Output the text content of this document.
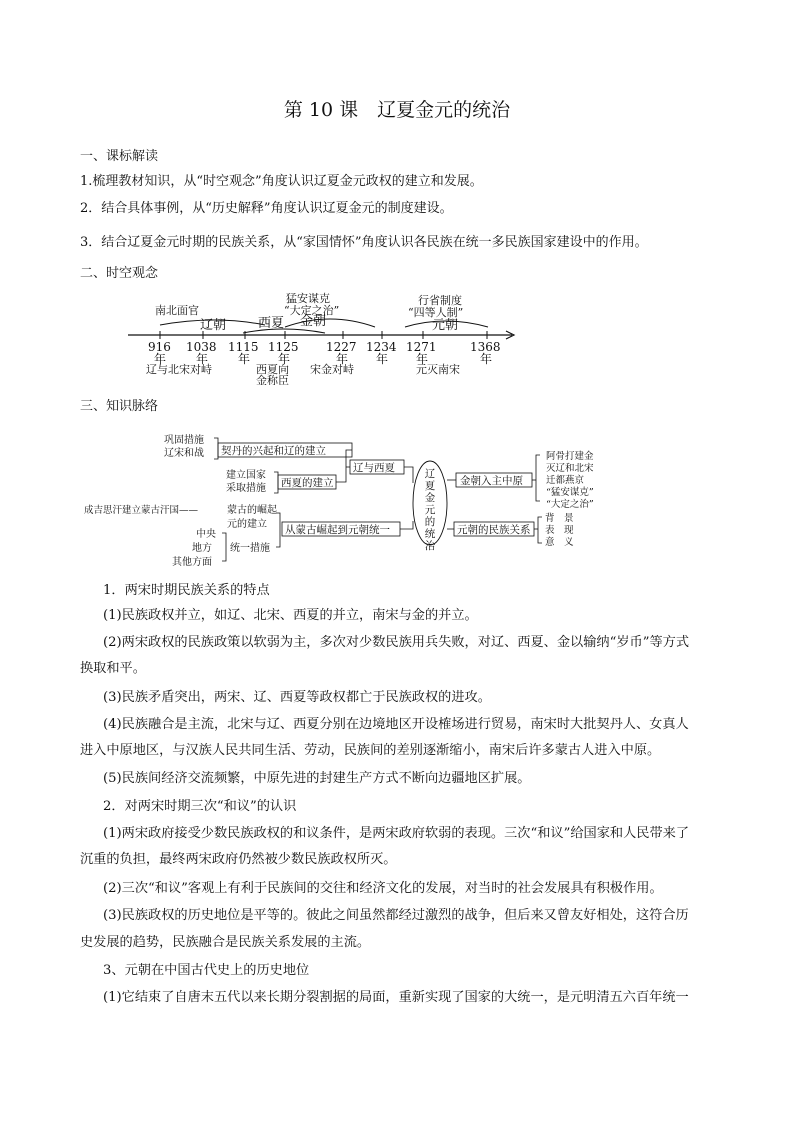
第 10 课　辽夏金元的统治
一、课标解读
1.梳理教材知识，从“时空观念”角度认识辽夏金元政权的建立和发展。
2．结合具体事例，从“历史解释”角度认识辽夏金元的制度建设。
3．结合辽夏金元时期的民族关系，从“家国情怀”角度认识各民族在统一多民族国家建设中的作用。
二、时空观念
南北面官
猛安谋克
“大定之治”
行省制度
“四等人制”
辽朝 西夏 金朝	元朝
916 1038 1115 1125 1227 1234 1271	1368
年 年 年 年	年 年 年	年
辽与北宋对峙	西夏向
金称臣
宋金对峙	元灭南宋
三、知识脉络
巩固措施
辽宋和战 契丹的兴起和辽的建立
建立国家
采取措施 西夏的建立
辽与西夏	辽
夏
金
元
的
统
治
成吉思汗建立蒙古汗国——	蒙古的崛起
元的建立
中央
地方
其他方面
统一措施
从蒙古崛起到元朝统一
金朝入主中原
阿骨打建金
灭辽和北宋
迁都燕京
“猛安谋克”
“大定之治”
元朝的民族关系
背　景
表　现
意　义
1．两宋时期民族关系的特点
(1)民族政权并立，如辽、北宋、西夏的并立，南宋与金的并立。
(2)两宋政权的民族政策以软弱为主，多次对少数民族用兵失败，对辽、西夏、金以输纳“岁币”等方式
换取和平。
(3)民族矛盾突出，两宋、辽、西夏等政权都亡于民族政权的进攻。
(4)民族融合是主流，北宋与辽、西夏分别在边境地区开设榷场进行贸易，南宋时大批契丹人、女真人
进入中原地区，与汉族人民共同生活、劳动，民族间的差别逐渐缩小，南宋后许多蒙古人进入中原。
(5)民族间经济交流频繁，中原先进的封建生产方式不断向边疆地区扩展。
2．对两宋时期三次“和议”的认识
(1)两宋政府接受少数民族政权的和议条件，是两宋政府软弱的表现。三次“和议”给国家和人民带来了
沉重的负担，最终两宋政府仍然被少数民族政权所灭。
(2)三次“和议”客观上有利于民族间的交往和经济文化的发展，对当时的社会发展具有积极作用。
(3)民族政权的历史地位是平等的。彼此之间虽然都经过激烈的战争，但后来又曾友好相处，这符合历
史发展的趋势，民族融合是民族关系发展的主流。
3、元朝在中国古代史上的历史地位
(1)它结束了自唐末五代以来长期分裂割据的局面，重新实现了国家的大统一，是元明清五六百年统一
